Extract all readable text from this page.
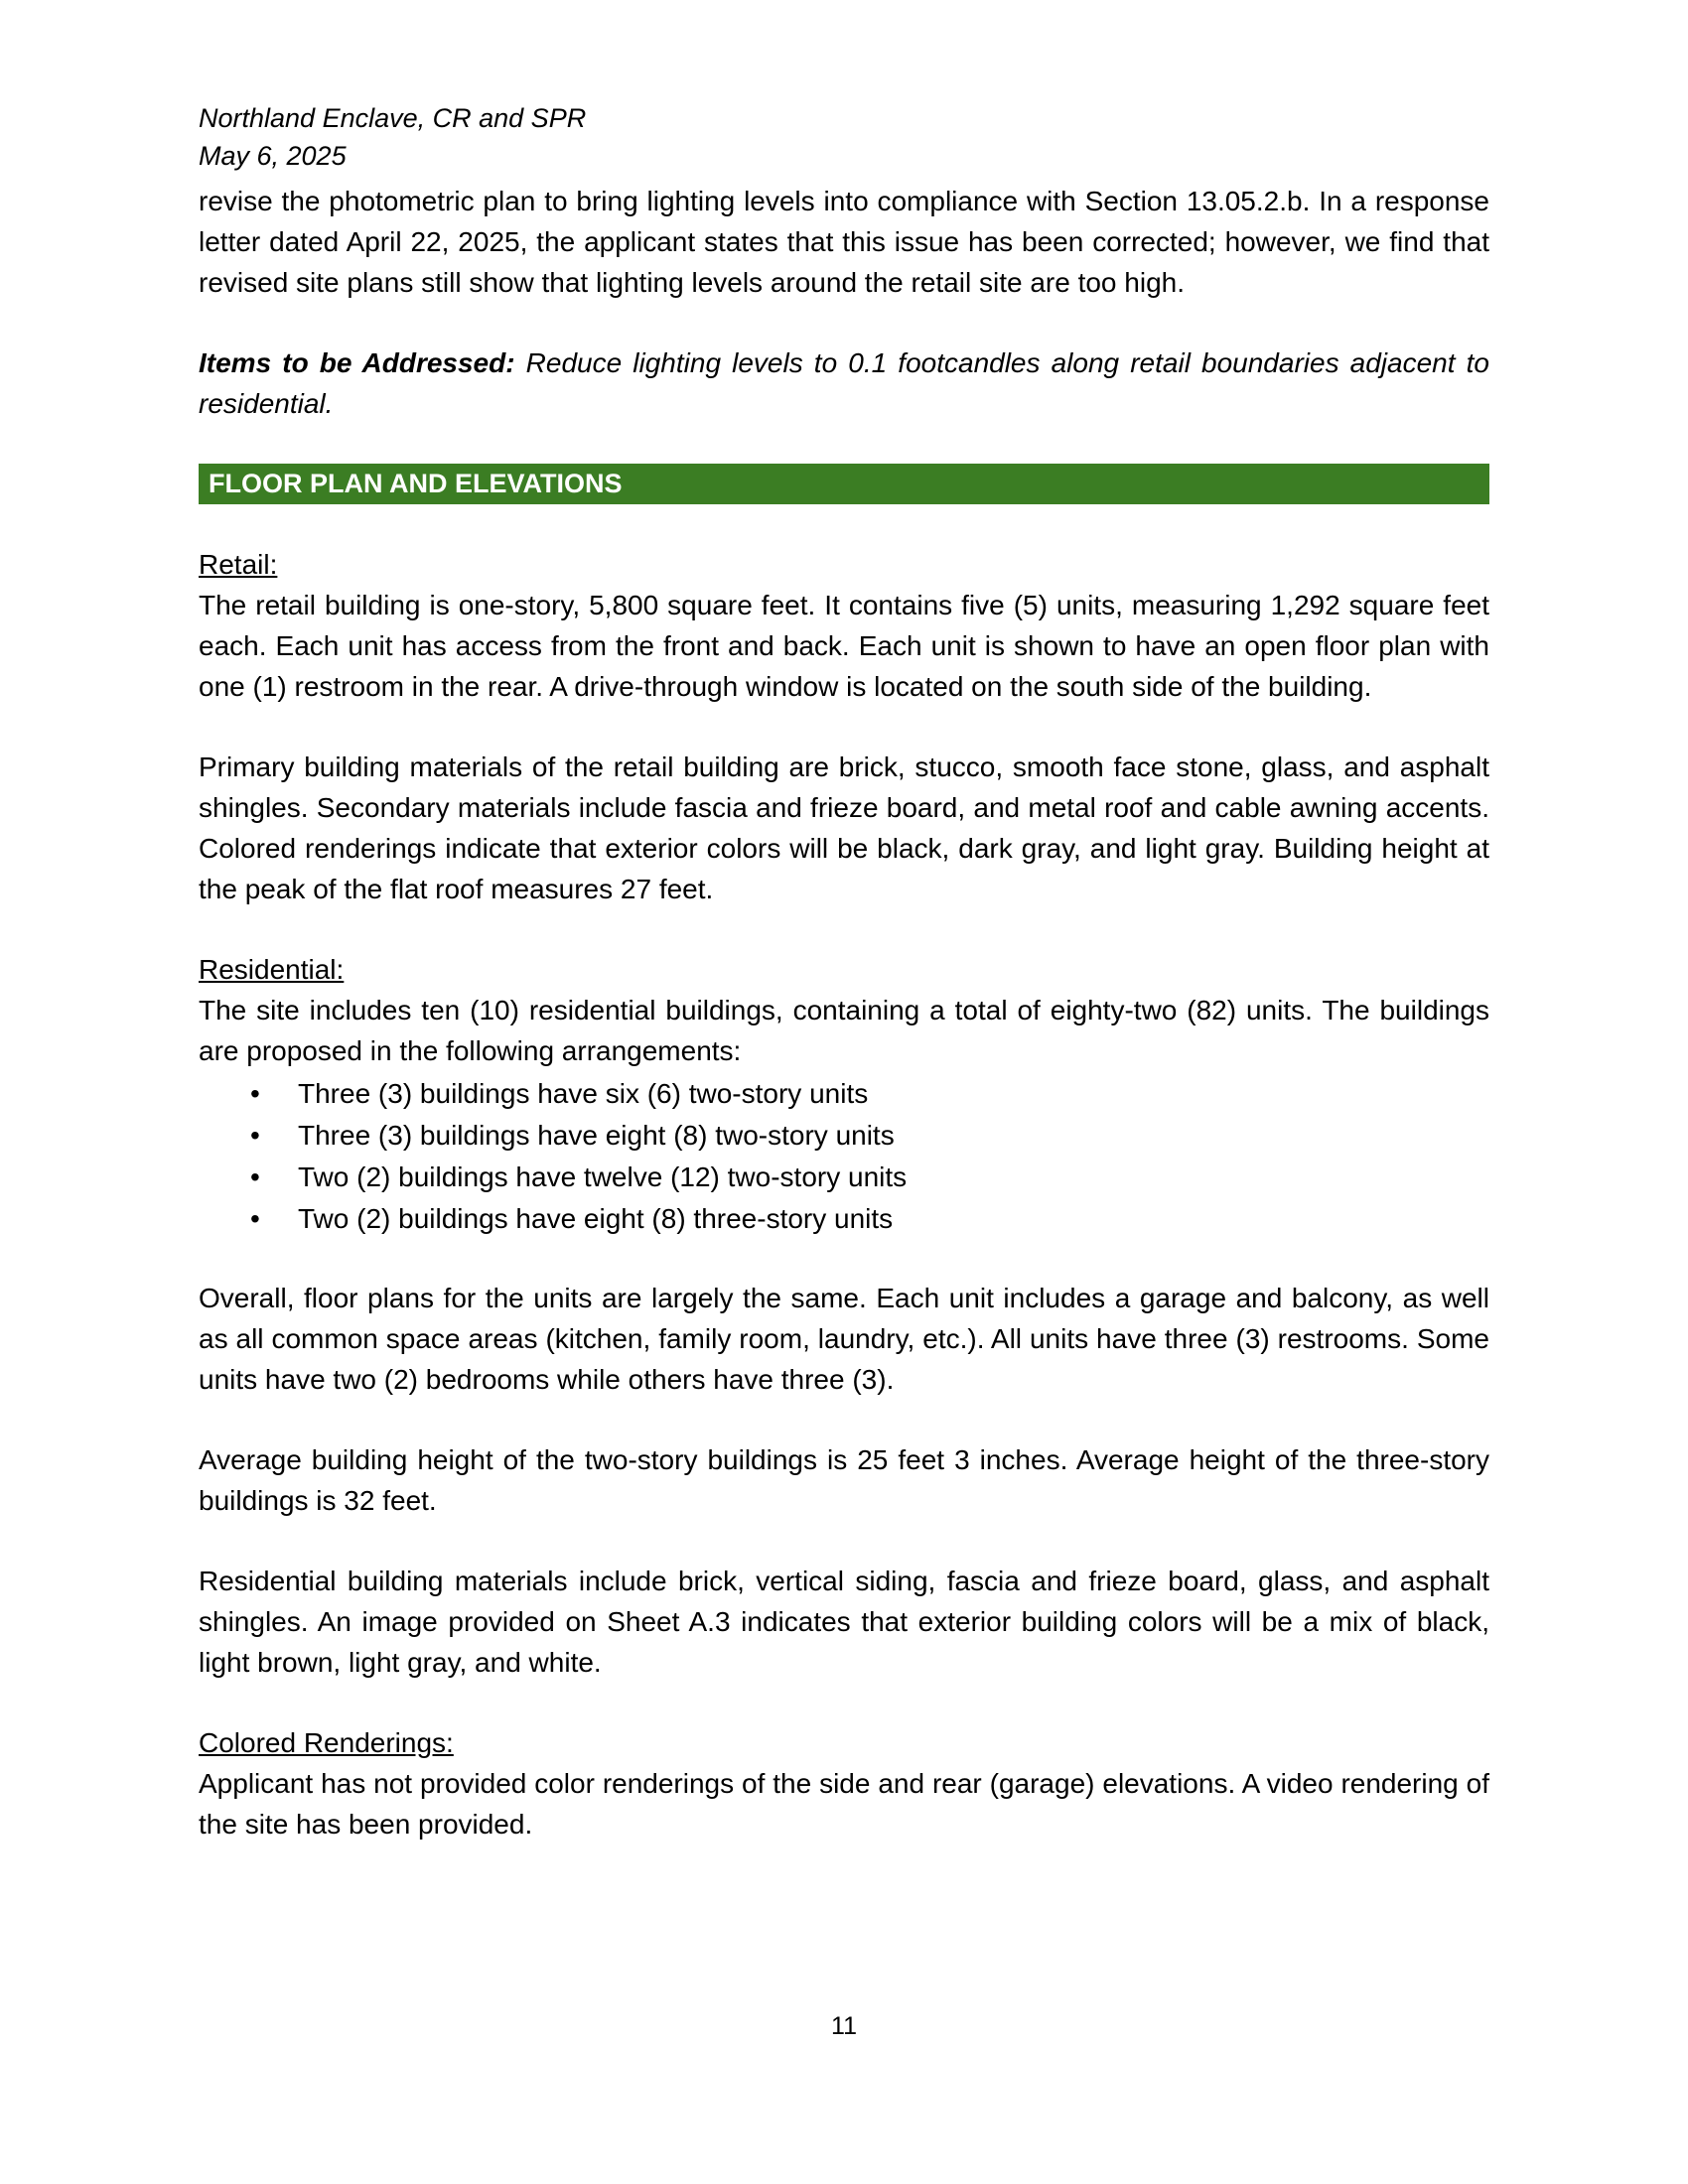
Northland Enclave, CR and SPR

May 6, 2025

revise the photometric plan to bring lighting levels into compliance with Section 13.05.2.b. In a response letter dated April 22, 2025, the applicant states that this issue has been corrected; however, we find that revised site plans still show that lighting levels around the retail site are too high.

Items to be Addressed: Reduce lighting levels to 0.1 footcandles along retail boundaries adjacent to residential.

FLOOR PLAN AND ELEVATIONS

Retail:

The retail building is one-story, 5,800 square feet. It contains five (5) units, measuring 1,292 square feet each. Each unit has access from the front and back. Each unit is shown to have an open floor plan with one (1) restroom in the rear. A drive-through window is located on the south side of the building.

Primary building materials of the retail building are brick, stucco, smooth face stone, glass, and asphalt shingles. Secondary materials include fascia and frieze board, and metal roof and cable awning accents. Colored renderings indicate that exterior colors will be black, dark gray, and light gray. Building height at the peak of the flat roof measures 27 feet.

Residential:

The site includes ten (10) residential buildings, containing a total of eighty-two (82) units. The buildings are proposed in the following arrangements:

• Three (3) buildings have six (6) two-story units
• Three (3) buildings have eight (8) two-story units
• Two (2) buildings have twelve (12) two-story units
• Two (2) buildings have eight (8) three-story units

Overall, floor plans for the units are largely the same. Each unit includes a garage and balcony, as well as all common space areas (kitchen, family room, laundry, etc.). All units have three (3) restrooms. Some units have two (2) bedrooms while others have three (3).

Average building height of the two-story buildings is 25 feet 3 inches. Average height of the three-story buildings is 32 feet.

Residential building materials include brick, vertical siding, fascia and frieze board, glass, and asphalt shingles. An image provided on Sheet A.3 indicates that exterior building colors will be a mix of black, light brown, light gray, and white.

Colored Renderings:

Applicant has not provided color renderings of the side and rear (garage) elevations. A video rendering of the site has been provided.

11
